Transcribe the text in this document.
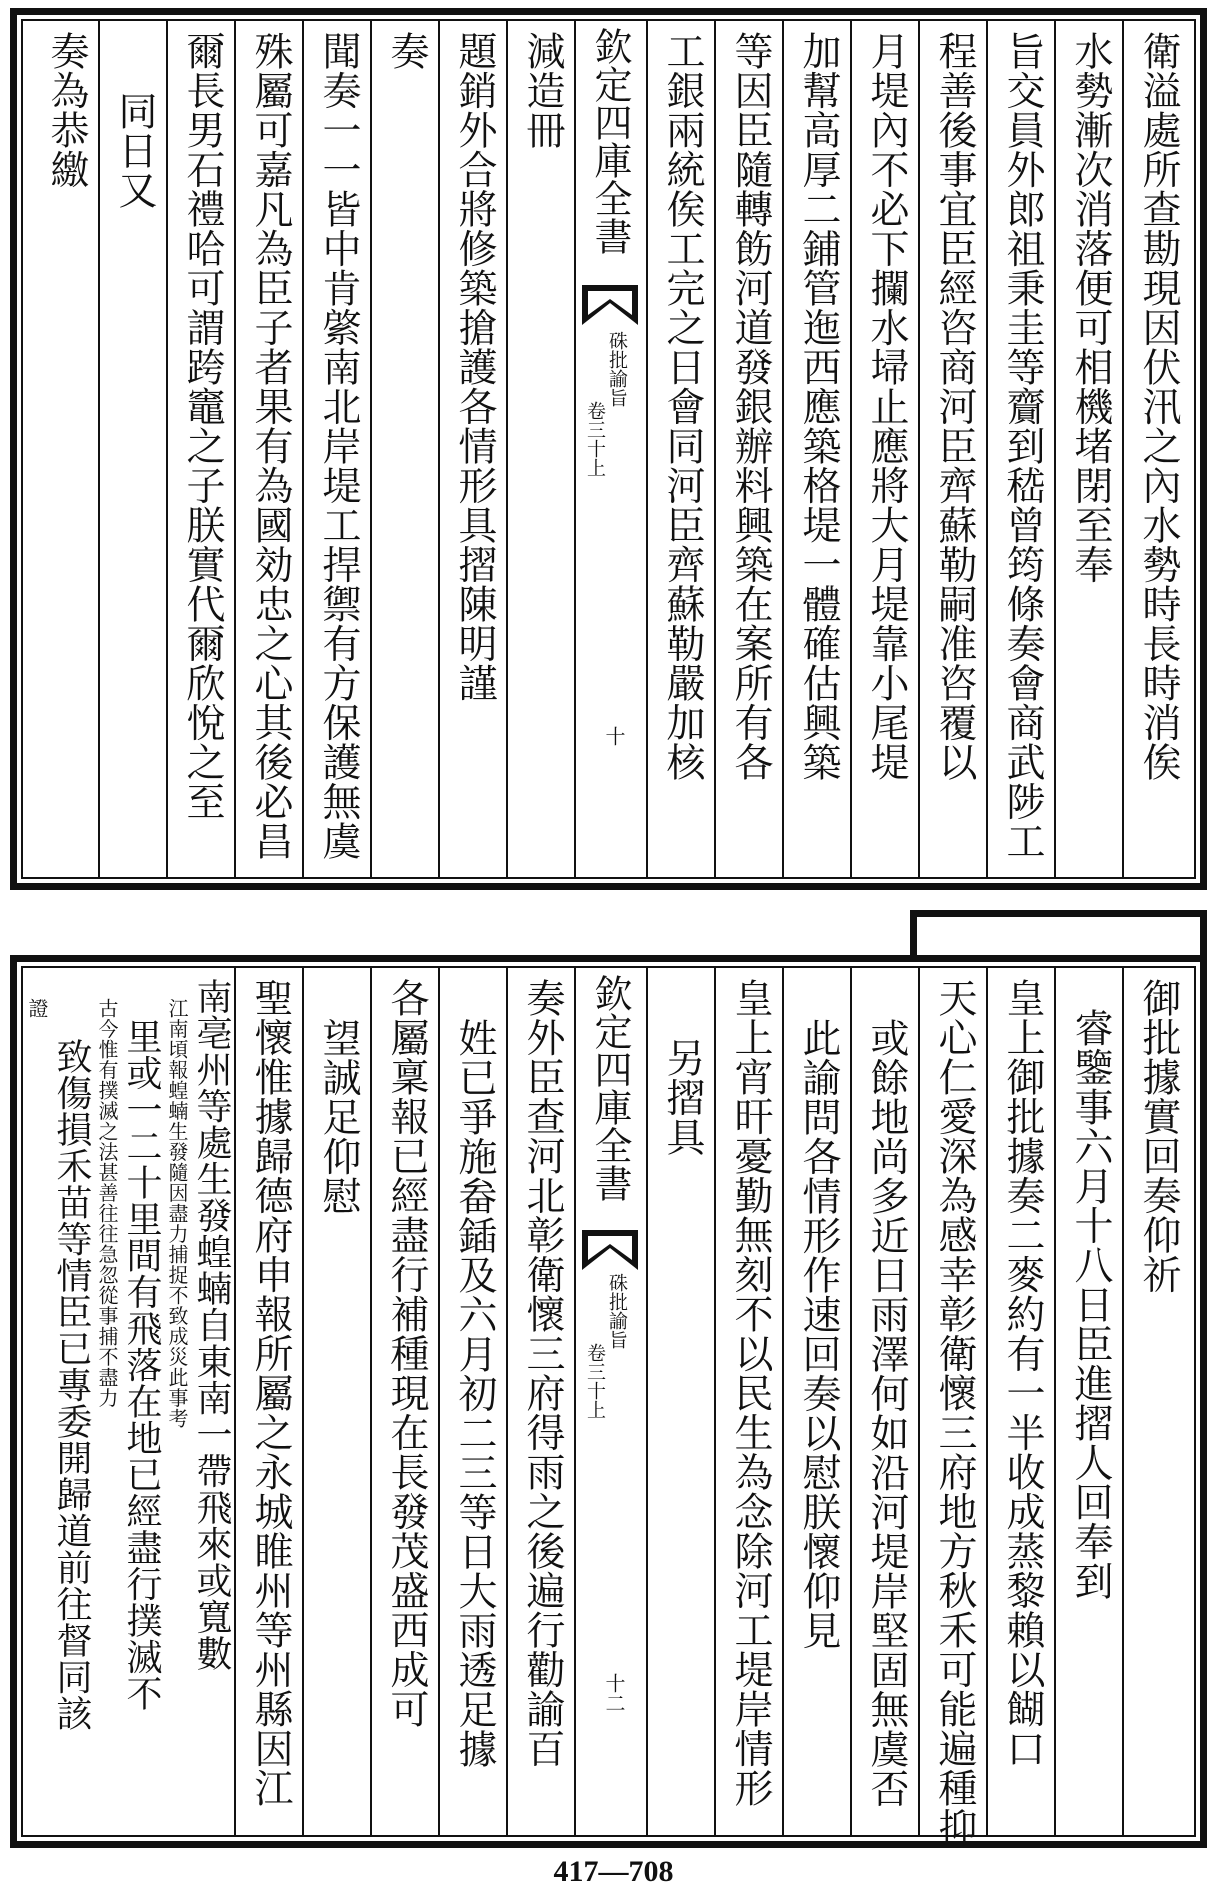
衛溢處所查勘現因伏汛之內水勢時長時消俟
水勢漸次消落便可相機堵閉至奉
旨交員外郎祖秉圭等齎到嵇曾筠條奏會商武陟工
程善後事宜臣經咨商河臣齊蘇勒嗣准咨覆以
月堤內不必下攔水埽止應將大月堤靠小尾堤
加幫高厚二鋪管迤西應築格堤一體確估興築
等因臣隨轉飭河道發銀辦料興築在案所有各
工銀兩統俟工完之日會同河臣齊蘇勒嚴加核
欽定四庫全書
硃批諭旨
卷三十上
十
減造冊
題銷外合將修築搶護各情形具摺陳明謹
奏
聞奏一一皆中肯綮南北岸堤工捍禦有方保護無虞
殊屬可嘉凡為臣子者果有為國効忠之心其後必昌
爾長男石禮哈可謂跨竈之子朕實代爾欣悅之至
同日又
奏為恭繳
御批據實回奏仰祈
睿鑒事六月十八日臣進摺人回奉到
皇上御批據奏二麥約有一半收成蒸黎賴以餬口
天心仁愛深為感幸彰衛懷三府地方秋禾可能遍種抑
或餘地尚多近日雨澤何如沿河堤岸堅固無虞否
此諭問各情形作速回奏以慰朕懷仰見
皇上宵旰憂勤無刻不以民生為念除河工堤岸情形
另摺具
欽定四庫全書
硃批諭旨
卷三十上
十二
奏外臣查河北彰衛懷三府得雨之後遍行勸諭百
姓已爭施畚鍤及六月初二三等日大雨透足據
各屬稟報已經盡行補種現在長發茂盛西成可
望誠足仰慰
聖懷惟據歸德府申報所屬之永城睢州等州縣因江
南亳州等處生發蝗蝻自東南一帶飛來或寬數
江南頃報蝗蝻生發隨因盡力捕捉不致成災此事考
里或一二十里間有飛落在地已經盡行撲滅不
古今惟有撲滅之法甚善往往急忽從事捕不盡力
致傷損禾苗等情臣已專委開歸道前往督同該
證
417—708
